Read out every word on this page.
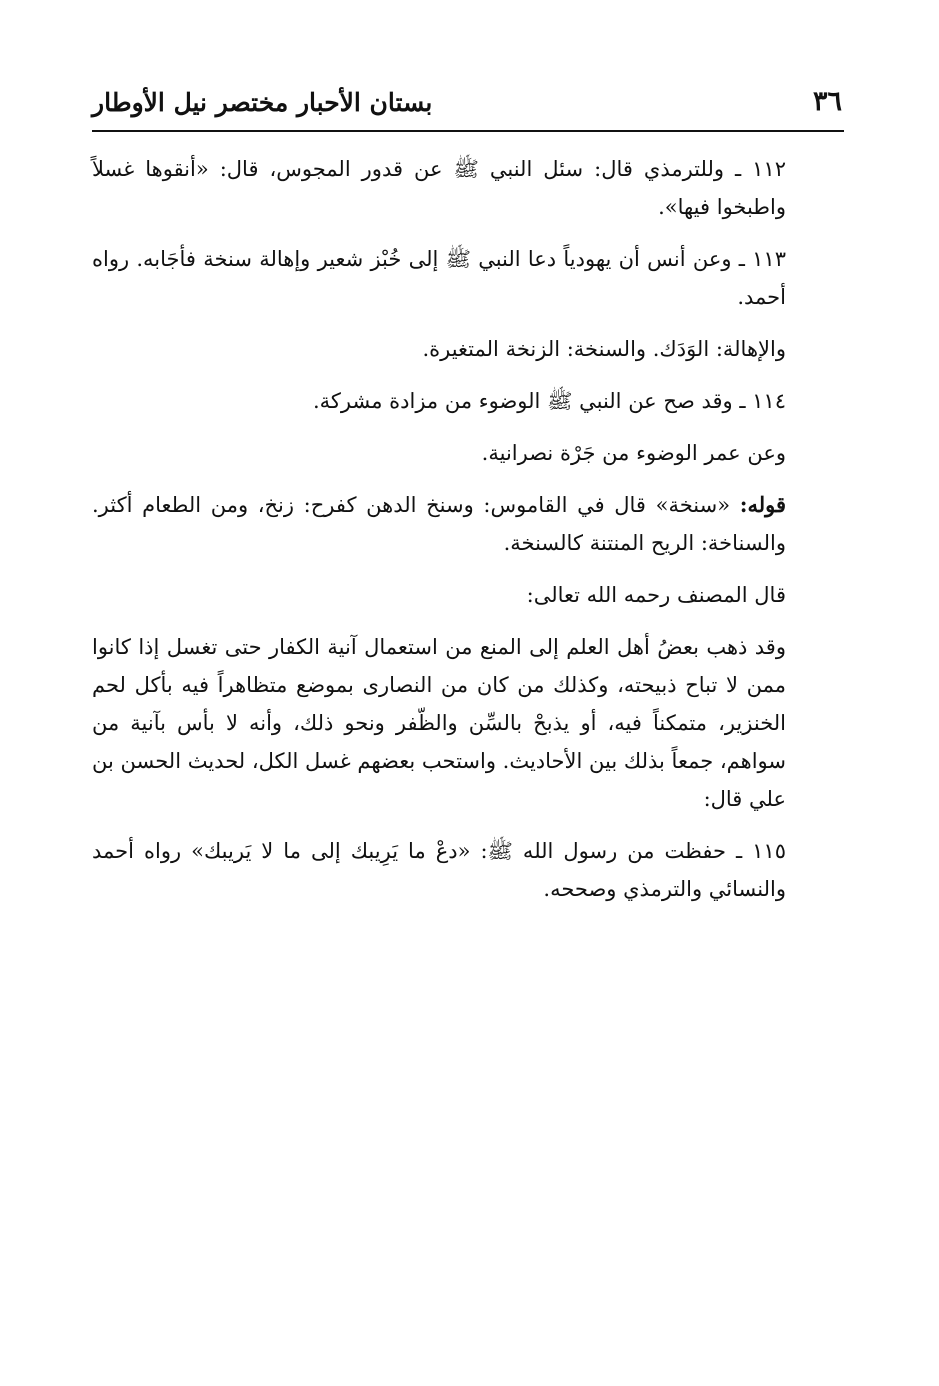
٣٦
بستان الأحبار مختصر نيل الأوطار

١١٢ ـ وللترمذي قال: سئل النبي ﷺ عن قدور المجوس، قال: «أنقوها غسلاً واطبخوا فيها».

١١٣ ـ وعن أنس أن يهودياً دعا النبي ﷺ إلى خُبْز شعير وإهالة سنخة فأجَابه. رواه أحمد.

والإهالة: الوَدَك. والسنخة: الزنخة المتغيرة.

١١٤ ـ وقد صح عن النبي ﷺ الوضوء من مزادة مشركة.

وعن عمر الوضوء من جَرْة نصرانية.

قوله: «سنخة» قال في القاموس: وسنخ الدهن كفرح: زنخ، ومن الطعام أكثر. والسناخة: الريح المنتنة كالسنخة.

قال المصنف رحمه الله تعالى:

وقد ذهب بعضُ أهل العلم إلى المنع من استعمال آنية الكفار حتى تغسل إذا كانوا ممن لا تباح ذبيحته، وكذلك من كان من النصارى بموضع متظاهراً فيه بأكل لحم الخنزير، متمكناً فيه، أو يذبحْ بالسِّن والظّفر ونحو ذلك، وأنه لا بأس بآنية من سواهم، جمعاً بذلك بين الأحاديث. واستحب بعضهم غسل الكل، لحديث الحسن بن علي قال:

١١٥ ـ حفظت من رسول الله ﷺ: «دعْ ما يَرِيبك إلى ما لا يَريبك» رواه أحمد والنسائي والترمذي وصححه.
